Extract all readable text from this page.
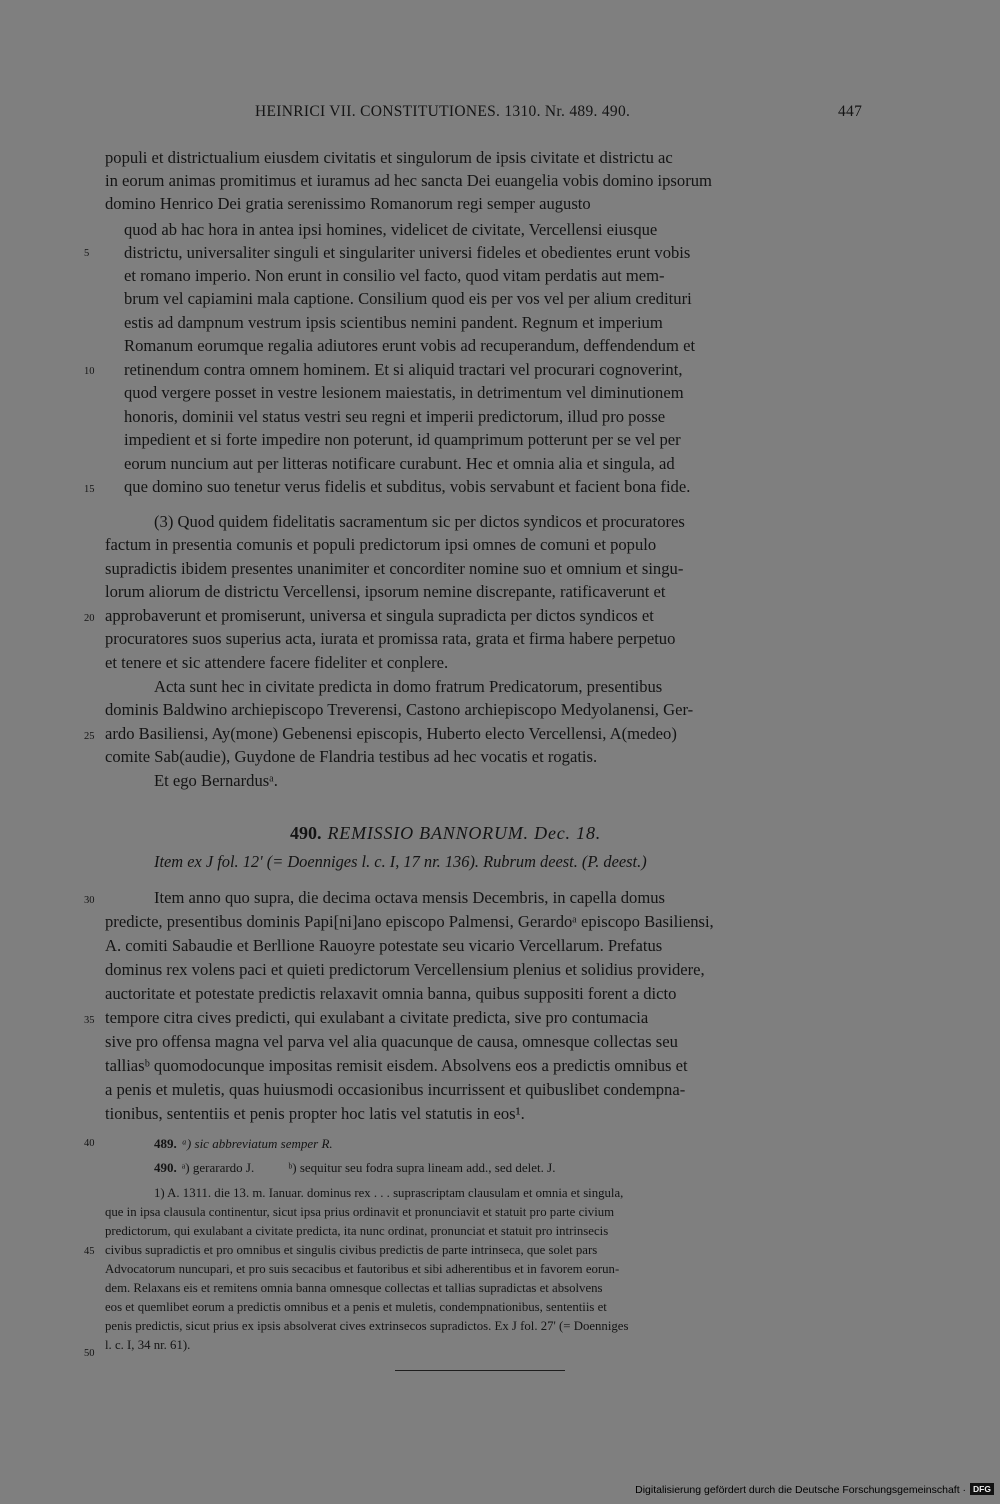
HEINRICI VII. CONSTITUTIONES. 1310. Nr. 489. 490.	447
populi et districtualium eiusdem civitatis et singulorum de ipsis civitate et districtu ac
in eorum animas promitimus et iuramus ad hec sancta Dei euangelia vobis domino ipsorum
domino Henrico Dei gratia serenissimo Romanorum regi semper augusto
quod ab hac hora in antea ipsi homines, videlicet de civitate, Vercellensi eiusque
districtu, universaliter singuli et singulariter universi fideles et obedientes erunt vobis
et romano imperio. Non erunt in consilio vel facto, quod vitam perdatis aut mem-
brum vel capiamini mala captione. Consilium quod eis per vos vel per alium credituri
estis ad dampnum vestrum ipsis scientibus nemini pandent. Regnum et imperium
Romanum eorumque regalia adiutores erunt vobis ad recuperandum, deffendendum et
retinendum contra omnem hominem. Et si aliquid tractari vel procurari cognoverint,
quod vergere posset in vestre lesionem maiestatis, in detrimentum vel diminutionem
honoris, dominii vel status vestri seu regni et imperii predictorum, illud pro posse
impedient et si forte impedire non poterunt, id quamprimum potterunt per se vel per
eorum nuncium aut per litteras notificare curabunt. Hec et omnia alia et singula, ad
que domino suo tenetur verus fidelis et subditus, vobis servabunt et facient bona fide.
(3) Quod quidem fidelitatis sacramentum sic per dictos syndicos et procuratores
factum in presentia comunis et populi predictorum ipsi omnes de comuni et populo
supradictis ibidem presentes unanimiter et concorditer nomine suo et omnium et singu-
lorum aliorum de districtu Vercellensi, ipsorum nemine discrepante, ratificaverunt et
approbaverunt et promiserunt, universa et singula supradicta per dictos syndicos et
procuratores suos superius acta, iurata et promissa rata, grata et firma habere perpetuo
et tenere et sic attendere facere fideliter et conplere.
Acta sunt hec in civitate predicta in domo fratrum Predicatorum, presentibus
dominis Baldwino archiepiscopo Treverensi, Castono archiepiscopo Medyolanensi, Ger-
ardo Basiliensi, Ay(mone) Gebenensi episcopis, Huberto electo Vercellensi, A(medeo)
comite Sab(audie), Guydone de Flandria testibus ad hec vocatis et rogatis.
Et ego Bernardusᵃ.
490. REMISSIO BANNORUM. Dec. 18.
Item ex J fol. 12' (= Doenniges l. c. I, 17 nr. 136). Rubrum deest. (P. deest.)
Item anno quo supra, die decima octava mensis Decembris, in capella domus
predicte, presentibus dominis Papi[ni]ano episcopo Palmensi, Gerardoᵃ episcopo Basiliensi,
A. comiti Sabaudie et Berllione Rauoyre potestate seu vicario Vercellarum. Prefatus
dominus rex volens paci et quieti predictorum Vercellensium plenius et solidius providere,
auctoritate et potestate predictis relaxavit omnia banna, quibus suppositi forent a dicto
tempore citra cives predicti, qui exulabant a civitate predicta, sive pro contumacia
sive pro offensa magna vel parva vel alia quacunque de causa, omnesque collectas seu
talliasᵇ quomodocunque impositas remisit eisdem. Absolvens eos a predictis omnibus et
a penis et muletis, quas huiusmodi occasionibus incurrissent et quibuslibet condempna-
tionibus, sententiis et penis propter hoc latis vel statutis in eos¹.
5
10
15
20
25
30
35
40
45
50
489. ᵃ) sic abbreviatum semper R.
490. ᵃ) gerarardo J.	ᵇ) sequitur seu fodra supra lineam add., sed delet. J.
1) A. 1311. die 13. m. Ianuar. dominus rex . . . suprascriptam clausulam et omnia et singula,
que in ipsa clausula continentur, sicut ipsa prius ordinavit et pronunciavit et statuit pro parte civium
predictorum, qui exulabant a civitate predicta, ita nunc ordinat, pronunciat et statuit pro intrinsecis
civibus supradictis et pro omnibus et singulis civibus predictis de parte intrinseca, que solet pars
Advocatorum nuncupari, et pro suis secacibus et fautoribus et sibi adherentibus et in favorem eorun-
dem. Relaxans eis et remitens omnia banna omnesque collectas et tallias supradictas et absolvens
eos et quemlibet eorum a predictis omnibus et a penis et muletis, condempnationibus, sententiis et
penis predictis, sicut prius ex ipsis absolverat cives extrinsecos supradictos. Ex J fol. 27' (= Doenniges
l. c. I, 34 nr. 61).
Digitalisierung gefördert durch die Deutsche Forschungsgemeinschaft · DFG
